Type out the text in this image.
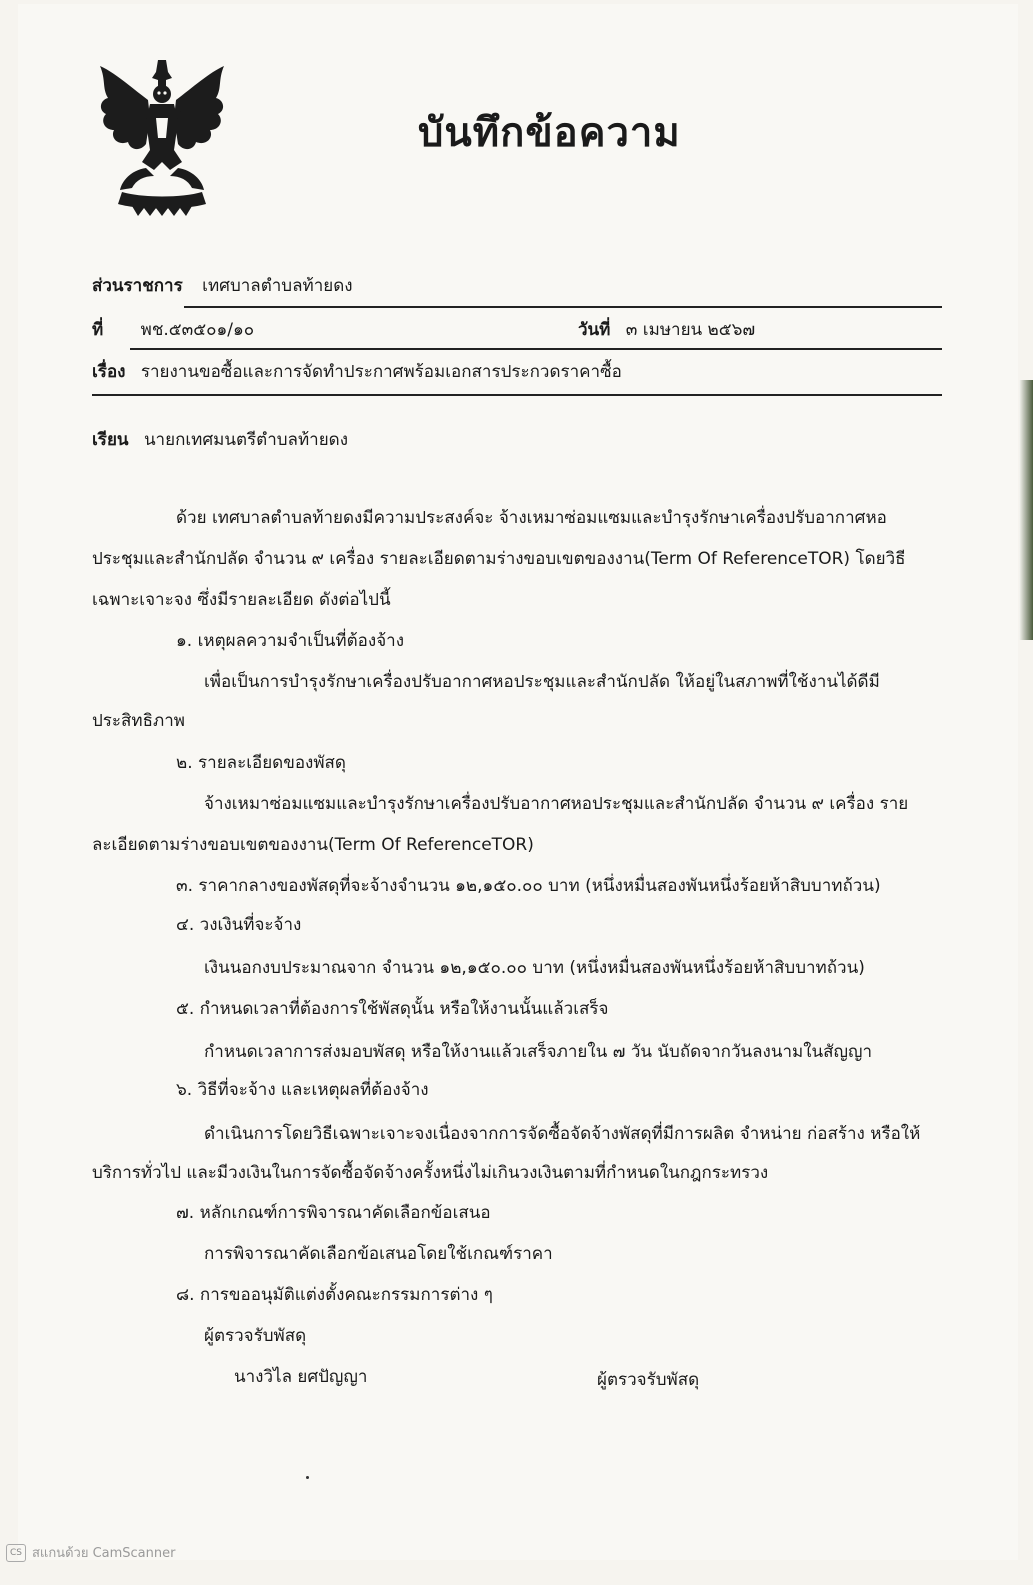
บันทึกข้อความ
ส่วนราชการ เทศบาลตำบลท้ายดง
ที่ พช.๕๓๕๐๑/๑๐	วันที่ ๓ เมษายน ๒๕๖๗
เรื่อง รายงานขอซื้อและการจัดทำประกาศพร้อมเอกสารประกวดราคาซื้อ
เรียน นายกเทศมนตรีตำบลท้ายดง
ด้วย เทศบาลตำบลท้ายดงมีความประสงค์จะ จ้างเหมาซ่อมแซมและบำรุงรักษาเครื่องปรับอากาศหอ
ประชุมและสำนักปลัด จำนวน ๙ เครื่อง รายละเอียดตามร่างขอบเขตของงาน(Term Of ReferenceTOR) โดยวิธี
เฉพาะเจาะจง ซึ่งมีรายละเอียด ดังต่อไปนี้
๑. เหตุผลความจำเป็นที่ต้องจ้าง
เพื่อเป็นการบำรุงรักษาเครื่องปรับอากาศหอประชุมและสำนักปลัด ให้อยู่ในสภาพที่ใช้งานได้ดีมี
ประสิทธิภาพ
๒. รายละเอียดของพัสดุ
จ้างเหมาซ่อมแซมและบำรุงรักษาเครื่องปรับอากาศหอประชุมและสำนักปลัด จำนวน ๙ เครื่อง ราย
ละเอียดตามร่างขอบเขตของงาน(Term Of ReferenceTOR)
๓. ราคากลางของพัสดุที่จะจ้างจำนวน ๑๒,๑๕๐.๐๐ บาท (หนึ่งหมื่นสองพันหนึ่งร้อยห้าสิบบาทถ้วน)
๔. วงเงินที่จะจ้าง
เงินนอกงบประมาณจาก จำนวน ๑๒,๑๕๐.๐๐ บาท (หนึ่งหมื่นสองพันหนึ่งร้อยห้าสิบบาทถ้วน)
๕. กำหนดเวลาที่ต้องการใช้พัสดุนั้น หรือให้งานนั้นแล้วเสร็จ
กำหนดเวลาการส่งมอบพัสดุ หรือให้งานแล้วเสร็จภายใน ๗ วัน นับถัดจากวันลงนามในสัญญา
๖. วิธีที่จะจ้าง และเหตุผลที่ต้องจ้าง
ดำเนินการโดยวิธีเฉพาะเจาะจงเนื่องจากการจัดซื้อจัดจ้างพัสดุที่มีการผลิต จำหน่าย ก่อสร้าง หรือให้
บริการทั่วไป และมีวงเงินในการจัดซื้อจัดจ้างครั้งหนึ่งไม่เกินวงเงินตามที่กำหนดในกฎกระทรวง
๗. หลักเกณฑ์การพิจารณาคัดเลือกข้อเสนอ
การพิจารณาคัดเลือกข้อเสนอโดยใช้เกณฑ์ราคา
๘. การขออนุมัติแต่งตั้งคณะกรรมการต่าง ๆ
ผู้ตรวจรับพัสดุ
นางวิไล ยศปัญญา	ผู้ตรวจรับพัสดุ
CS สแกนด้วย CamScanner
